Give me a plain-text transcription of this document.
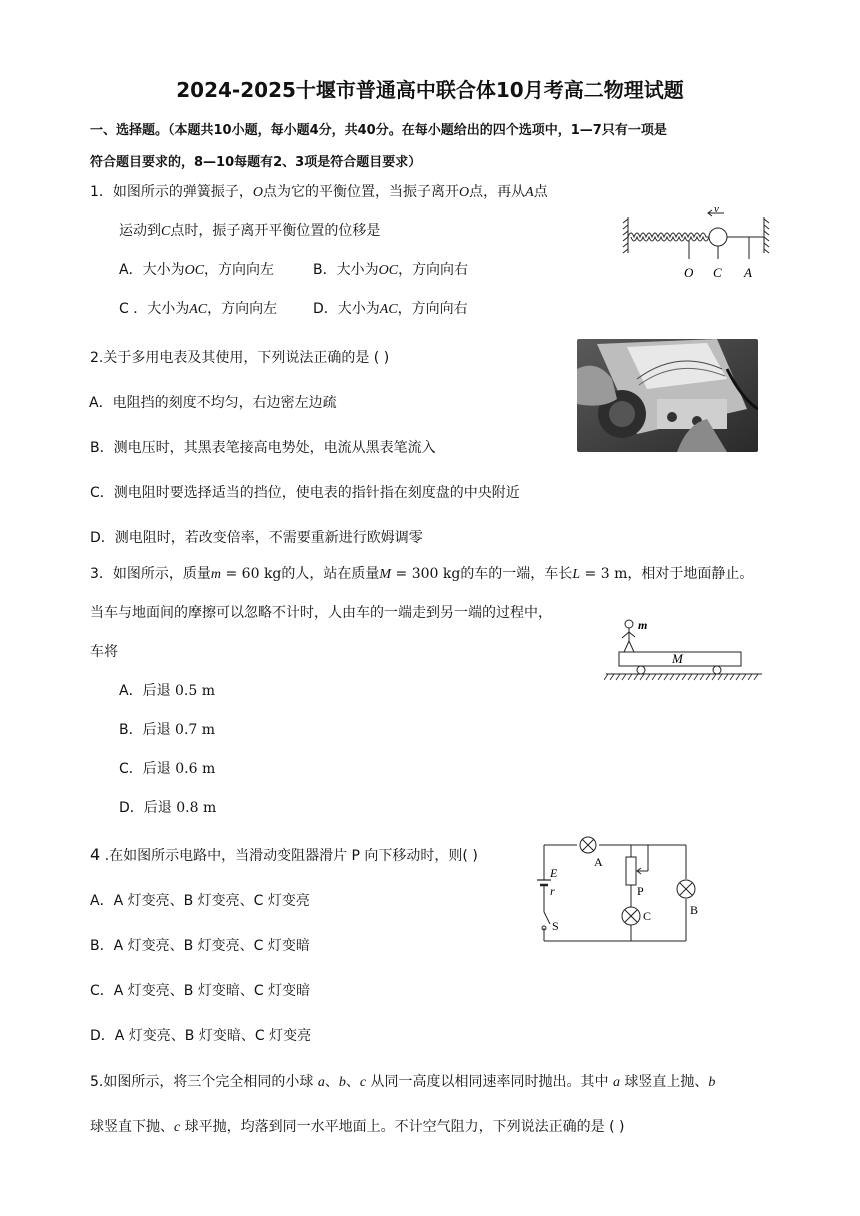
2024-2025十堰市普通高中联合体10月考高二物理试题
一、选择题。（本题共10小题，每小题4分，共40分。在每小题给出的四个选项中，1—7只有一项是
符合题目要求的，8—10每题有2、3项是符合题目要求）
1．如图所示的弹簧振子，O点为它的平衡位置，当振子离开O点，再从A点
运动到C点时，振子离开平衡位置的位移是
A．大小为OC，方向向左	B．大小为OC，方向向右
C ．大小为AC，方向向左	D．大小为AC，方向向右
v
O C A
2.关于多用电表及其使用，下列说法正确的是 ( )
A．电阻挡的刻度不均匀，右边密左边疏
B．测电压时，其黑表笔接高电势处，电流从黑表笔流入
C．测电阻时要选择适当的挡位，使电表的指针指在刻度盘的中央附近
D．测电阻时，若改变倍率，不需要重新进行欧姆调零
3．如图所示，质量m = 60 kg的人，站在质量M = 300 kg的车的一端，车长L = 3 m，相对于地面静止。
当车与地面间的摩擦可以忽略不计时，人由车的一端走到另一端的过程中，
车将
A．后退 0.5 m
B．后退 0.7 m
C．后退 0.6 m
D．后退 0.8 m
m
M
4 .在如图所示电路中，当滑动变阻器滑片 P 向下移动时，则( )
A．A 灯变亮、B 灯变亮、C 灯变亮
B．A 灯变亮、B 灯变亮、C 灯变暗
C．A 灯变亮、B 灯变暗、C 灯变暗
D．A 灯变亮、B 灯变暗、C 灯变亮
A
B
C
P
E
r
S
5.如图所示，将三个完全相同的小球 a、b、c 从同一高度以相同速率同时抛出。其中 a 球竖直上抛、b
球竖直下抛、c 球平抛，均落到同一水平地面上。不计空气阻力，下列说法正确的是 ( )
